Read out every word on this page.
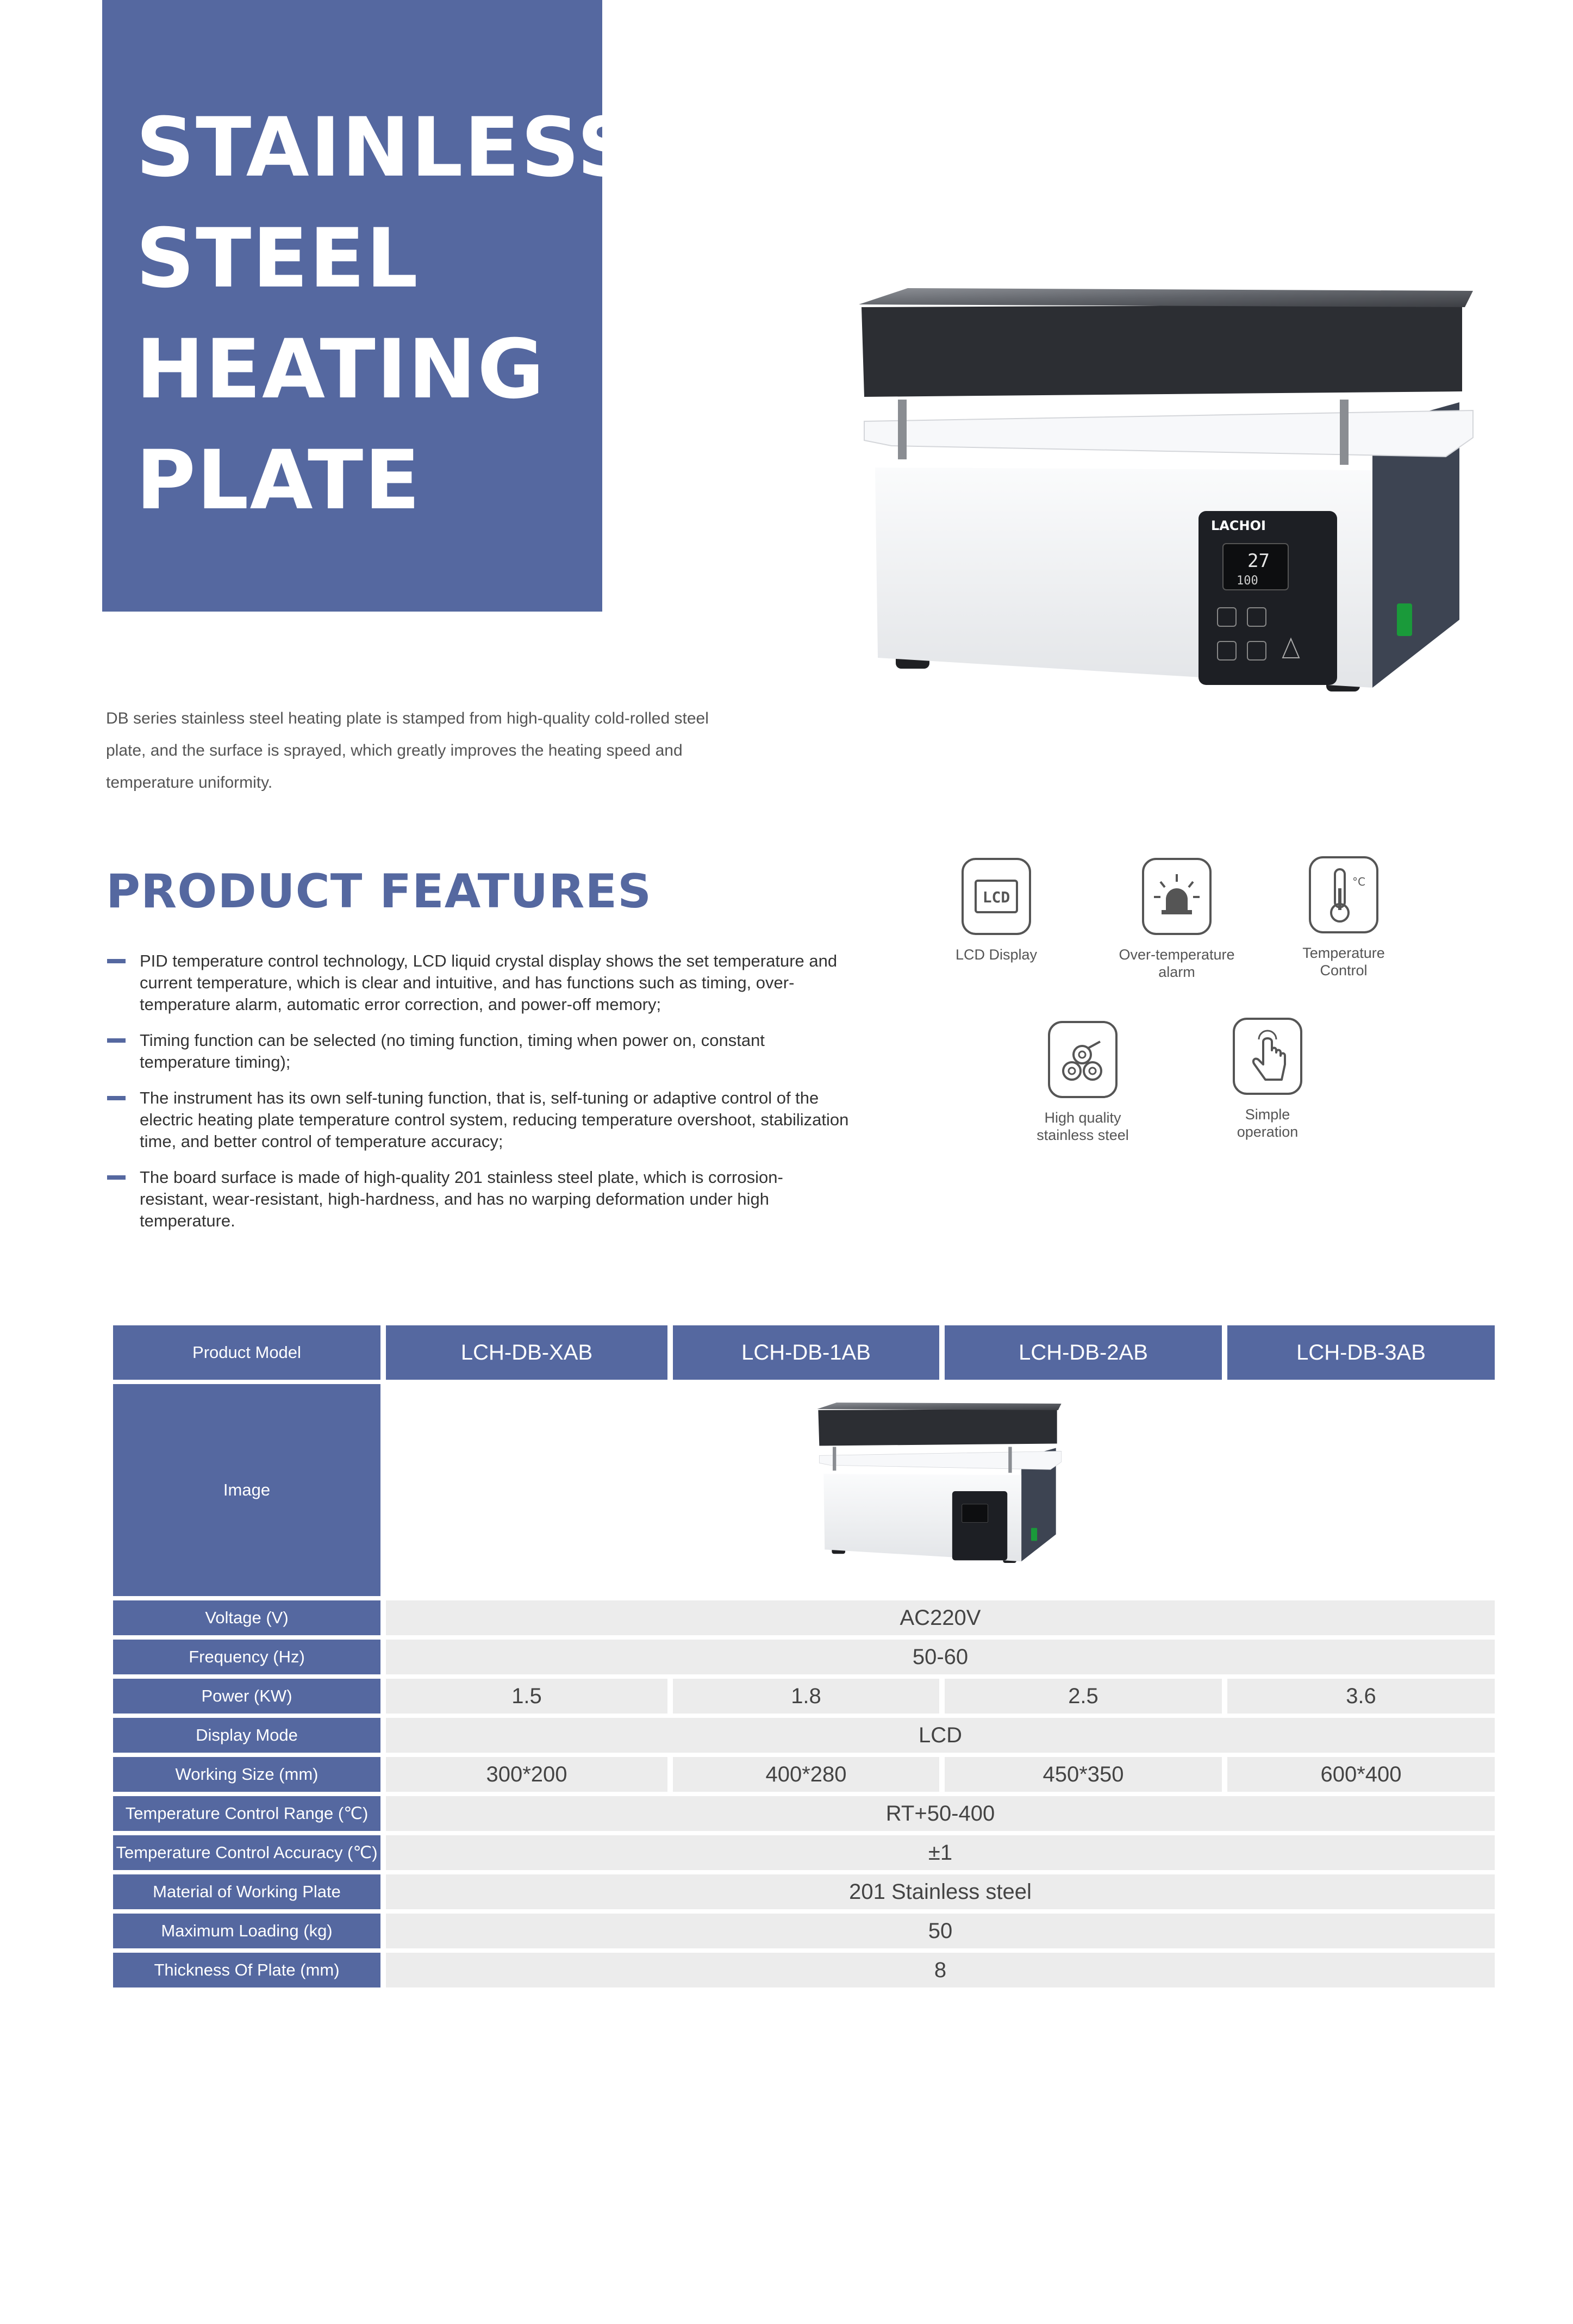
STAINLESS
STEEL
HEATING
PLATE	LACHOI
27
100

DB series stainless steel heating plate is stamped from high-quality cold-rolled steel plate, and the surface is sprayed, which greatly improves the heating speed and temperature uniformity.

PRODUCT FEATURES
PID temperature control technology, LCD liquid crystal display shows the set temperature and current temperature, which is clear and intuitive, and has functions such as timing, over-temperature alarm, automatic error correction, and power-off memory;
Timing function can be selected (no timing function, timing when power on, constant temperature timing);
The instrument has its own self-tuning function, that is, self-tuning or adaptive control of the electric heating plate temperature control system, reducing temperature overshoot, stabilization time, and better control of temperature accuracy;
The board surface is made of high-quality 201 stainless steel plate, which is corrosion-resistant, wear-resistant, high-hardness, and has no warping deformation under high temperature.
LCD
LCD Display	Over-temperature
alarm
°C
Temperature
Control
High quality
stainless steel
Simple
operation
Product Model	LCH-DB-XAB	LCH-DB-1AB	LCH-DB-2AB	LCH-DB-3AB
Image
Voltage (V)	AC220V
Frequency (Hz)	50-60
Power (KW)	1.5	1.8	2.5	3.6
Display Mode	LCD
Working Size (mm)	300*200	400*280	450*350	600*400
Temperature Control Range (℃)	RT+50-400
Temperature Control Accuracy (℃)	±1
Material of Working Plate	201 Stainless steel
Maximum Loading (kg)	50
Thickness Of Plate (mm)	8
